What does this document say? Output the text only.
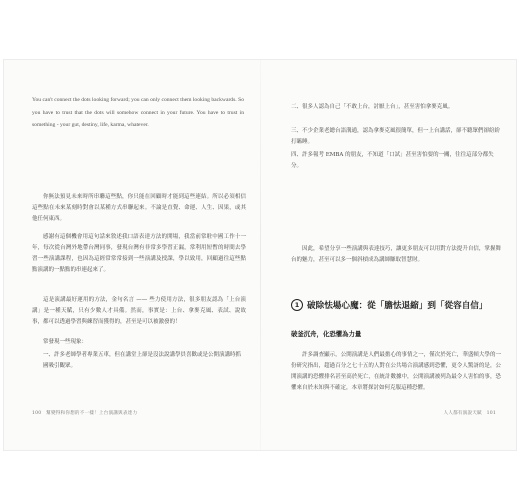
You can't connect the dots looking forward; you can only connect them looking backwards. So you have to trust that the dots will somehow connect in your future. You have to trust in something - your gut, destiny, life, karma, whatever.
你無法預見未來時所串聯這些點，你只能在回顧時才能到這些連結。所以必須相信這些點在未來某刻時對會以某種方式串聯起來。不論是直覺、命運、人生、因果，或其他任何東西。
感謝有這個機會用這句話來敘述我口語表達方法的開場，我當前常駐中國工作十一年，每次從台灣外地帶台灣同事，發現台灣有非常多學習正漏，常利用短暫的時間去學習一些演講課程，也因為這經常常常接到一些演講及授課，學以致用，回顧過往這些點點演講的一點點的串連起來了。
這是演講最好運用的方法，金句名言 —— 些力使用方法，很多朋友認為「上台演講」是一種天賦，只有少數人才具備。然而，事實是：上台、拿麥克風、表試、說故事，都可以透過學習與練習而獲得的，甚至是可以被激發的！
常發現一些現象：
一、許多老師學者專業五車，但在講堂上卻是沒法說講學員喜歡或是公開演講時抓國吸引觀眾。
100　幫變得和你想的不一樣！上台演講與表達力
二、很多人認為自己「不敢上台，討厭上台」，甚至害怕拿麥克風。
三、不少企業老總台語溝通，認為拿麥克風很簡單，但一上台講話，卻不聽眾們卻紛紛打瞌睡。
四、許多報考 EMBA 的朋友，不知道「口試」甚至害怕要的一關，往往這部分都失分。
因此，希望分享一些演講與表達技巧，讓更多朋友可以用對方法提升自信，掌握舞台的魅力，甚至可以多一個斜槓成為講師賺取智慧財。
1 破除怯場心魔：從「膽怯退縮」到「從容自信」
破釜沉舟，化恐懼為力量
許多調查顯示，公開演講是人們最擔心的事情之一，僅次於死亡，華盛頓大學的一份研究指出，超過百分之七十五的人對在公共場合演講感到恐懼，更令人驚訝的是，公開演講的恐懼排名甚至高於死亡，在統計數據中，公開演講被列為最令人害怕的事，恐懼來自於未知與不確定，本章將探討如何克服這種恐懼。
人人都有演說天賦　101
